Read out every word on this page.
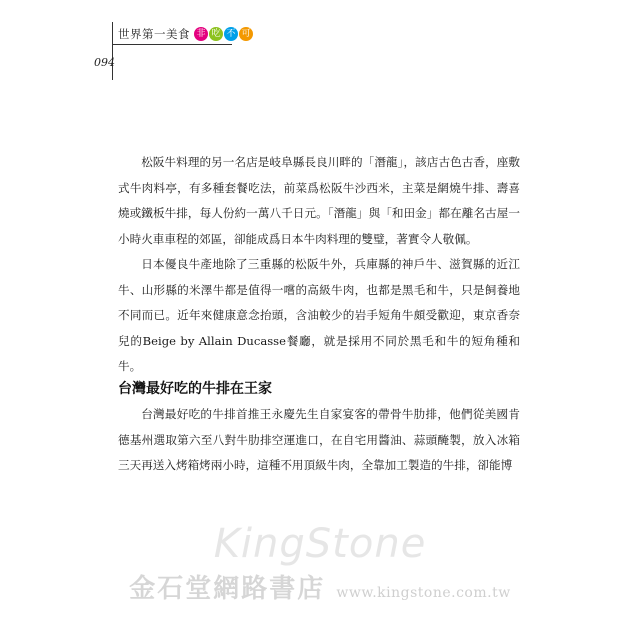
世界第一美食 非 吃 不 可
094

松阪牛料理的另一名店是岐阜縣長良川畔的「潛龍」，該店古色古香，座敷式牛肉料亭，有多種套餐吃法，前菜爲松阪牛沙西米，主菜是網燒牛排、壽喜燒或鐵板牛排，每人份約一萬八千日元。「潛龍」與「和田金」都在離名古屋一小時火車車程的郊區，卻能成爲日本牛肉料理的雙璧，著實令人敬佩。

日本優良牛產地除了三重縣的松阪牛外，兵庫縣的神戶牛、滋賀縣的近江牛、山形縣的米澤牛都是值得一嚐的高級牛肉，也都是黑毛和牛，只是飼養地不同而已。近年來健康意念抬頭，含油較少的岩手短角牛頗受歡迎，東京香奈兒的Beige by Allain Ducasse餐廳，就是採用不同於黑毛和牛的短角種和牛。

台灣最好吃的牛排在王家

台灣最好吃的牛排首推王永慶先生自家宴客的帶骨牛肋排，他們從美國肯德基州選取第六至八對牛肋排空運進口，在自宅用醬油、蒜頭醃製，放入冰箱三天再送入烤箱烤兩小時，這種不用頂級牛肉，全靠加工製造的牛排，卻能博

KingStone
金石堂網路書店 www.kingstone.com.tw
